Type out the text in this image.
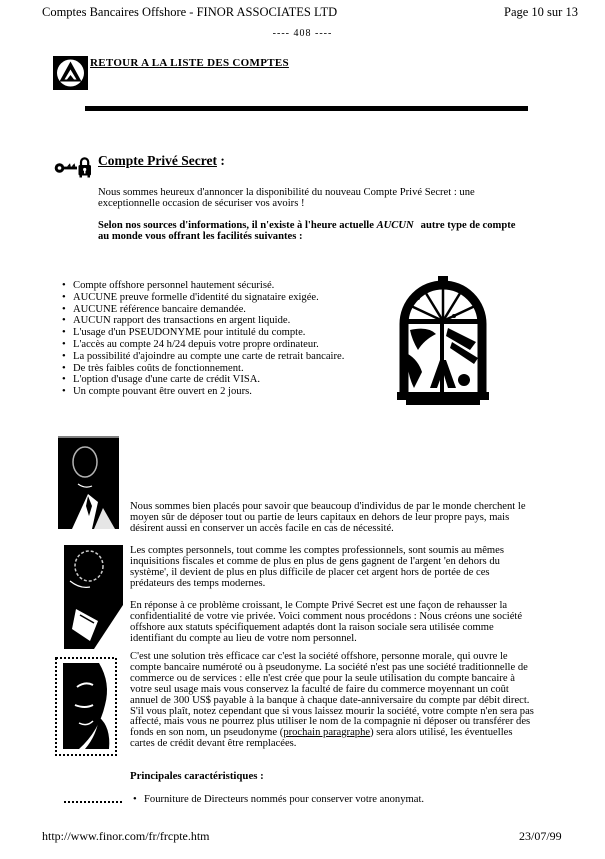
Comptes Bancaires Offshore - FINOR ASSOCIATES LTD	Page 10 sur 13
---- 408 ----
RETOUR A LA LISTE DES COMPTES
Compte Privé Secret :

Nous sommes heureux d'annoncer la disponibilité du nouveau Compte Privé Secret : une exceptionnelle occasion de sécuriser vos avoirs !

Selon nos sources d'informations, il n'existe à l'heure actuelle AUCUN autre type de compte au monde vous offrant les facilités suivantes :

• Compte offshore personnel hautement sécurisé.
• AUCUNE preuve formelle d'identité du signataire exigée.
• AUCUNE référence bancaire demandée.
• AUCUN rapport des transactions en argent liquide.
• L'usage d'un PSEUDONYME pour intitulé du compte.
• L'accès au compte 24 h/24 depuis votre propre ordinateur.
• La possibilité d'ajoindre au compte une carte de retrait bancaire.
• De très faibles coûts de fonctionnement.
• L'option d'usage d'une carte de crédit VISA.
• Un compte pouvant être ouvert en 2 jours.

Nous sommes bien placés pour savoir que beaucoup d'individus de par le monde cherchent le moyen sûr de déposer tout ou partie de leurs capitaux en dehors de leur propre pays, mais désirent aussi en conserver un accès facile en cas de nécessité.

Les comptes personnels, tout comme les comptes professionnels, sont soumis au mêmes inquisitions fiscales et comme de plus en plus de gens gagnent de l'argent 'en dehors du système', il devient de plus en plus difficile de placer cet argent hors de portée de ces prédateurs des temps modernes.

En réponse à ce problème croissant, le Compte Privé Secret est une façon de rehausser la confidentialité de votre vie privée. Voici comment nous procédons : Nous créons une société offshore aux statuts spécifiquement adaptés dont la raison sociale sera utilisée comme identifiant du compte au lieu de votre nom personnel.

C'est une solution très efficace car c'est la société offshore, personne morale, qui ouvre le compte bancaire numéroté ou à pseudonyme. La société n'est pas une société traditionnelle de commerce ou de services : elle n'est crée que pour la seule utilisation du compte bancaire à votre seul usage mais vous conservez la faculté de faire du commerce moyennant un coût annuel de 300 US$ payable à la banque à chaque date-anniversaire du compte par débit direct. S'il vous plaît, notez cependant que si vous laissez mourir la société, votre compte n'en sera pas affecté, mais vous ne pourrez plus utiliser le nom de la compagnie ni déposer ou transférer des fonds en son nom, un pseudonyme (prochain paragraphe) sera alors utilisé, les éventuelles cartes de crédit devant être remplacées.

Principales caractéristiques :
• Fourniture de Directeurs nommés pour conserver votre anonymat.
http://www.finor.com/fr/frcpte.htm	23/07/99
